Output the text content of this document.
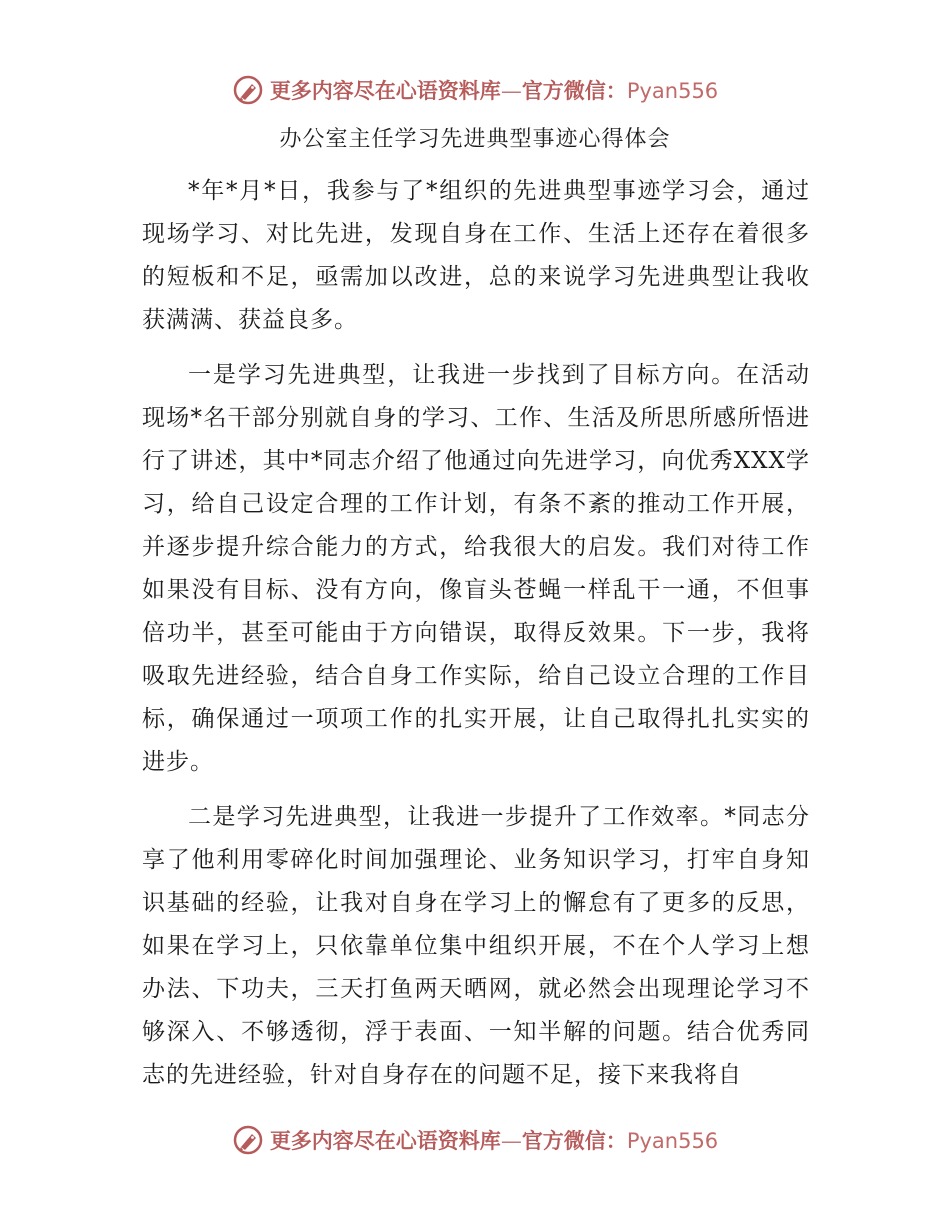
更多内容尽在心语资料库—官方微信：Pyan556
办公室主任学习先进典型事迹心得体会

*年*月*日，我参与了*组织的先进典型事迹学习会，通过现场学习、对比先进，发现自身在工作、生活上还存在着很多的短板和不足，亟需加以改进，总的来说学习先进典型让我收获满满、获益良多。

一是学习先进典型，让我进一步找到了目标方向。在活动现场*名干部分别就自身的学习、工作、生活及所思所感所悟进行了讲述，其中*同志介绍了他通过向先进学习，向优秀XXX学习，给自己设定合理的工作计划，有条不紊的推动工作开展，并逐步提升综合能力的方式，给我很大的启发。我们对待工作如果没有目标、没有方向，像盲头苍蝇一样乱干一通，不但事倍功半，甚至可能由于方向错误，取得反效果。下一步，我将吸取先进经验，结合自身工作实际，给自己设立合理的工作目标，确保通过一项项工作的扎实开展，让自己取得扎扎实实的进步。

二是学习先进典型，让我进一步提升了工作效率。*同志分享了他利用零碎化时间加强理论、业务知识学习，打牢自身知识基础的经验，让我对自身在学习上的懈怠有了更多的反思，如果在学习上，只依靠单位集中组织开展，不在个人学习上想办法、下功夫，三天打鱼两天晒网，就必然会出现理论学习不够深入、不够透彻，浮于表面、一知半解的问题。结合优秀同志的先进经验，针对自身存在的问题不足，接下来我将自

更多内容尽在心语资料库—官方微信：Pyan556
